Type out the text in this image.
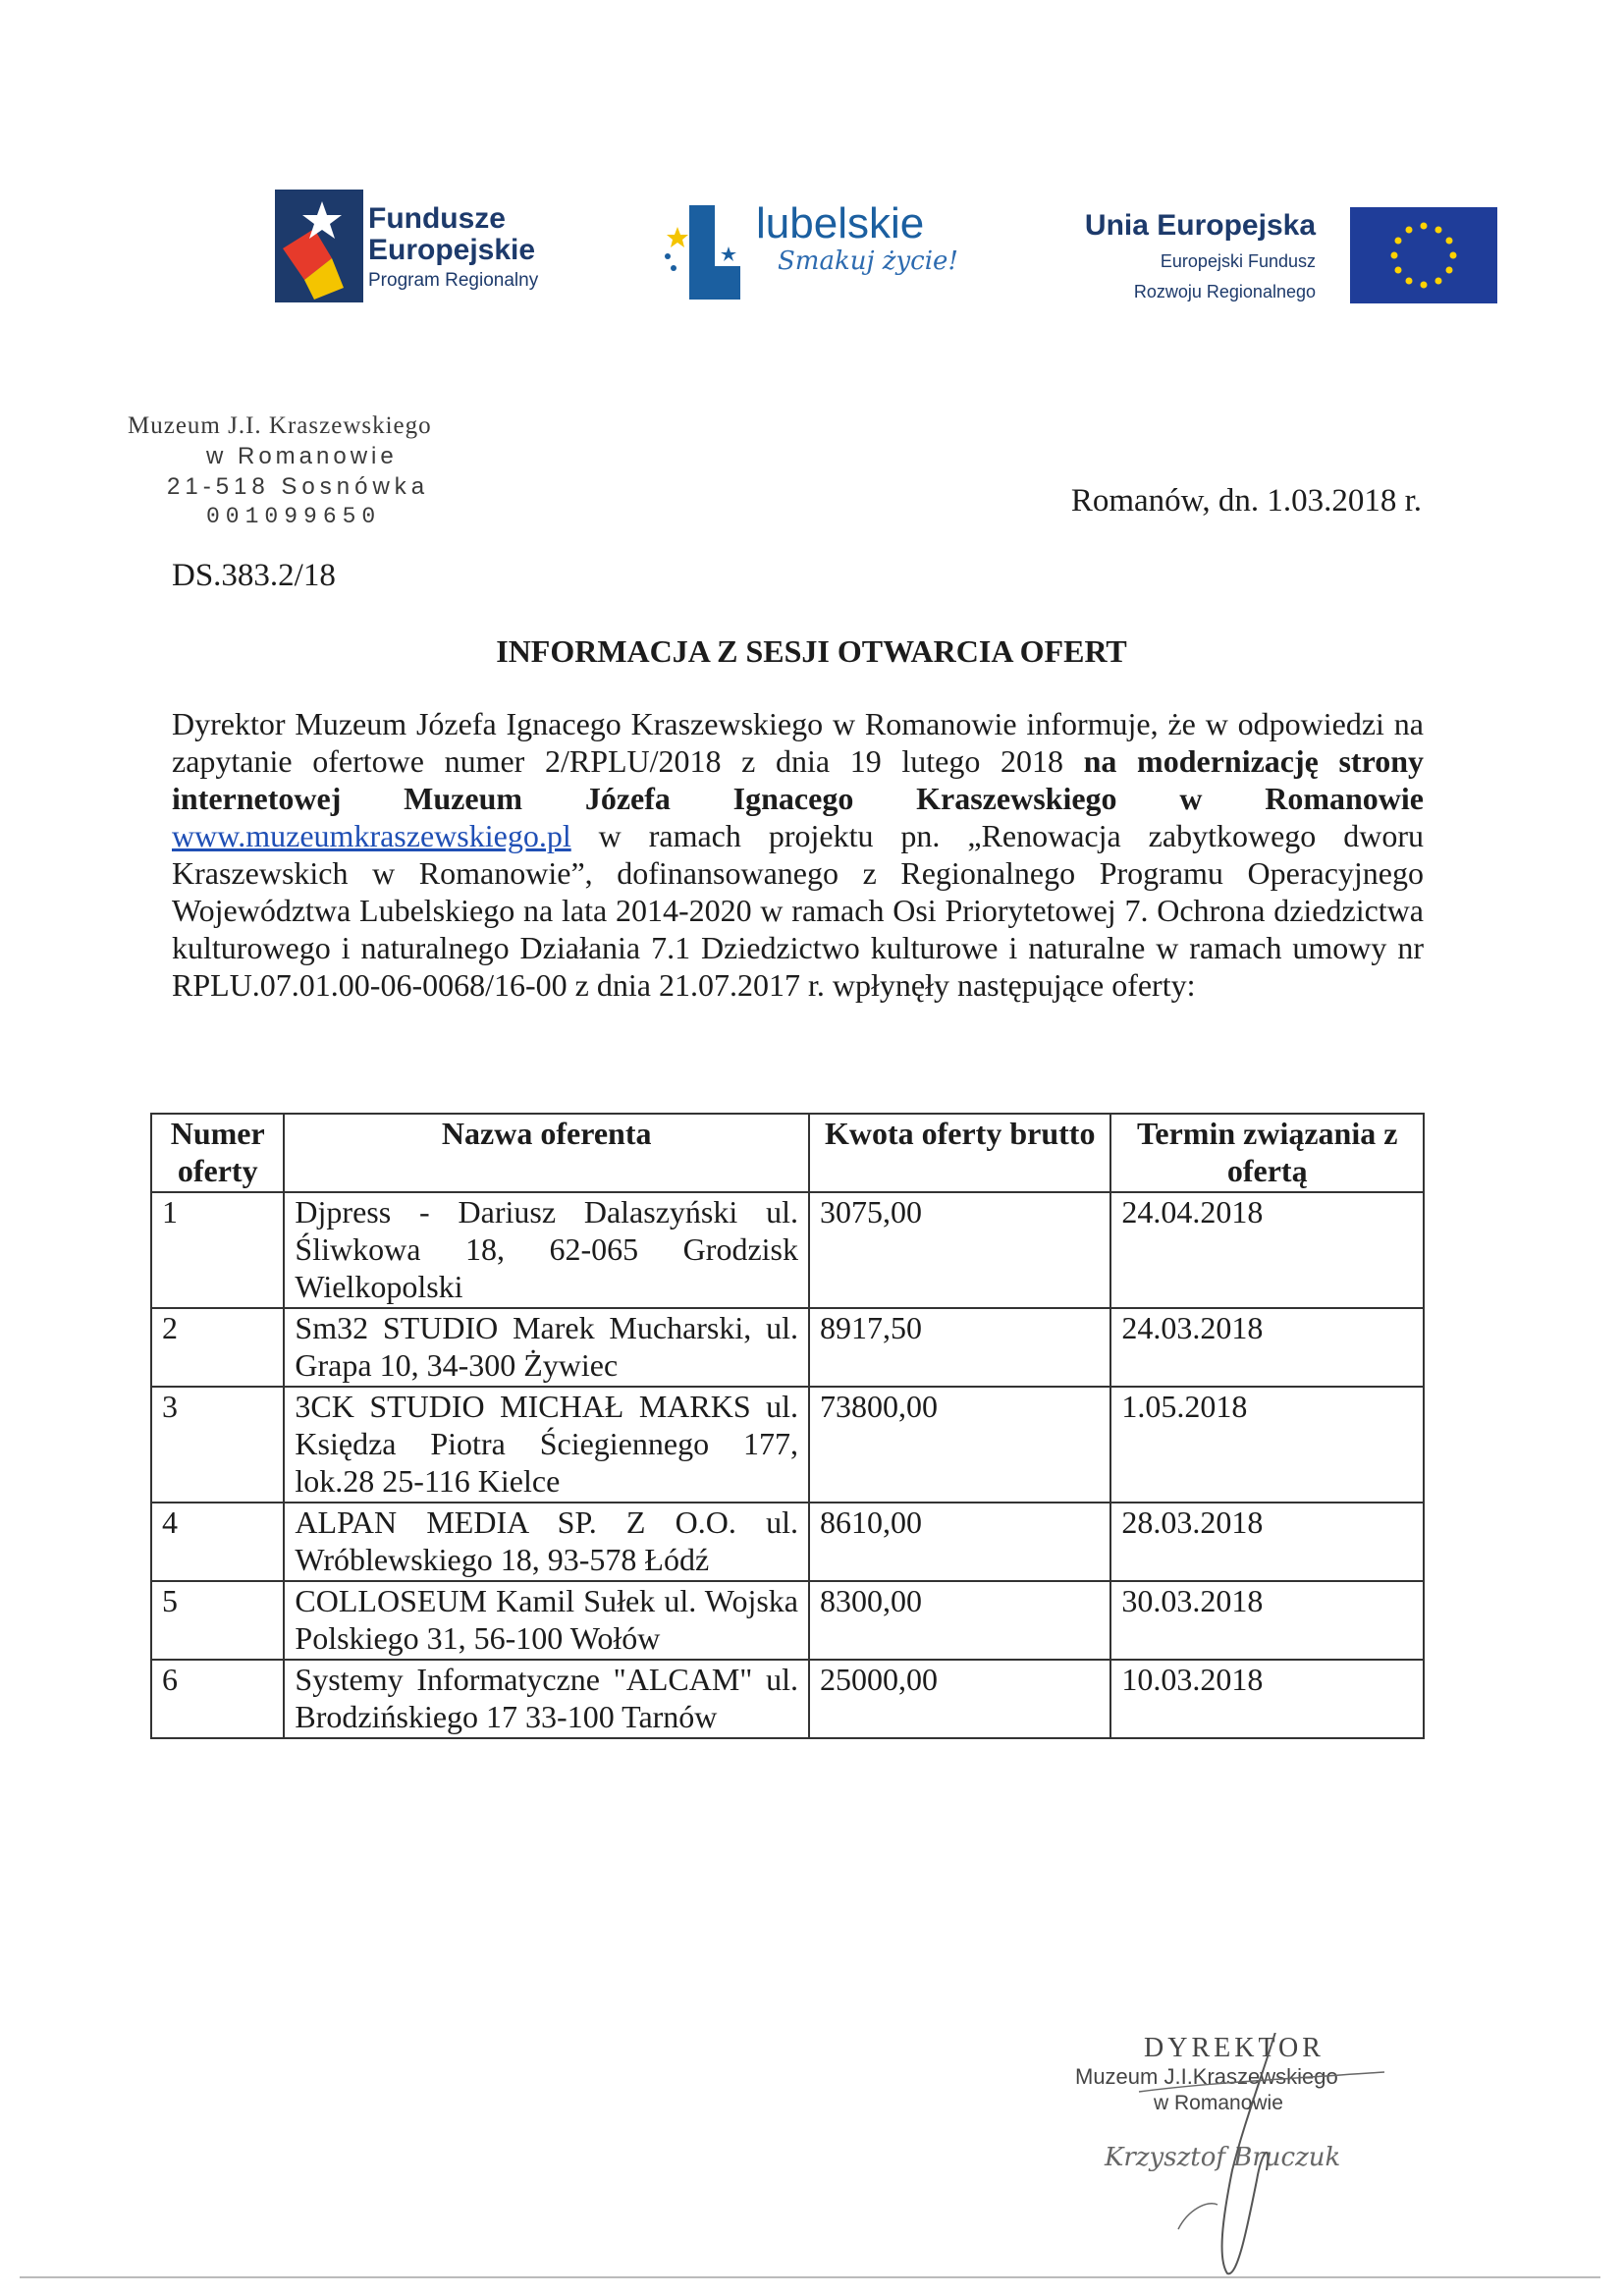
Fundusze
Europejskie
Program Regionalny
lubelskie
Smakuj życie!
Unia Europejska
Europejski Fundusz
Rozwoju Regionalnego
Muzeum J.I. Kraszewskiego
w Romanowie
21-518 Sosnówka
001099650
DS.383.2/18
Romanów, dn. 1.03.2018 r.
INFORMACJA Z SESJI OTWARCIA OFERT
Dyrektor Muzeum Józefa Ignacego Kraszewskiego w Romanowie informuje, że w odpowiedzi na zapytanie ofertowe numer 2/RPLU/2018 z dnia 19 lutego 2018 na modernizację strony internetowej Muzeum Józefa Ignacego Kraszewskiego w Romanowie www.muzeumkraszewskiego.pl w ramach projektu pn. „Renowacja zabytkowego dworu Kraszewskich w Romanowie”, dofinansowanego z Regionalnego Programu Operacyjnego Województwa Lubelskiego na lata 2014-2020 w ramach Osi Priorytetowej 7. Ochrona dziedzictwa kulturowego i naturalnego Działania 7.1 Dziedzictwo kulturowe i naturalne w ramach umowy nr RPLU.07.01.00-06-0068/16-00 z dnia 21.07.2017 r. wpłynęły następujące oferty:
Numer oferty	Nazwa oferenta	Kwota oferty brutto	Termin związania z ofertą
1	Djpress - Dariusz Dalaszyński ul. Śliwkowa 18, 62-065 Grodzisk Wielkopolski	3075,00	24.04.2018
2	Sm32 STUDIO Marek Mucharski, ul. Grapa 10, 34-300 Żywiec	8917,50	24.03.2018
3	3CK STUDIO MICHAŁ MARKS ul. Księdza Piotra Ściegiennego 177, lok.28 25-116 Kielce	73800,00	1.05.2018
4	ALPAN MEDIA SP. Z O.O. ul. Wróblewskiego 18, 93-578 Łódź	8610,00	28.03.2018
5	COLLOSEUM Kamil Sułek ul. Wojska Polskiego 31, 56-100 Wołów	8300,00	30.03.2018
6	Systemy Informatyczne "ALCAM" ul. Brodzińskiego 17 33-100 Tarnów	25000,00	10.03.2018
DYREKTOR
Muzeum J.I.Kraszewskiego
w Romanowie
Krzysztof Bruczuk
